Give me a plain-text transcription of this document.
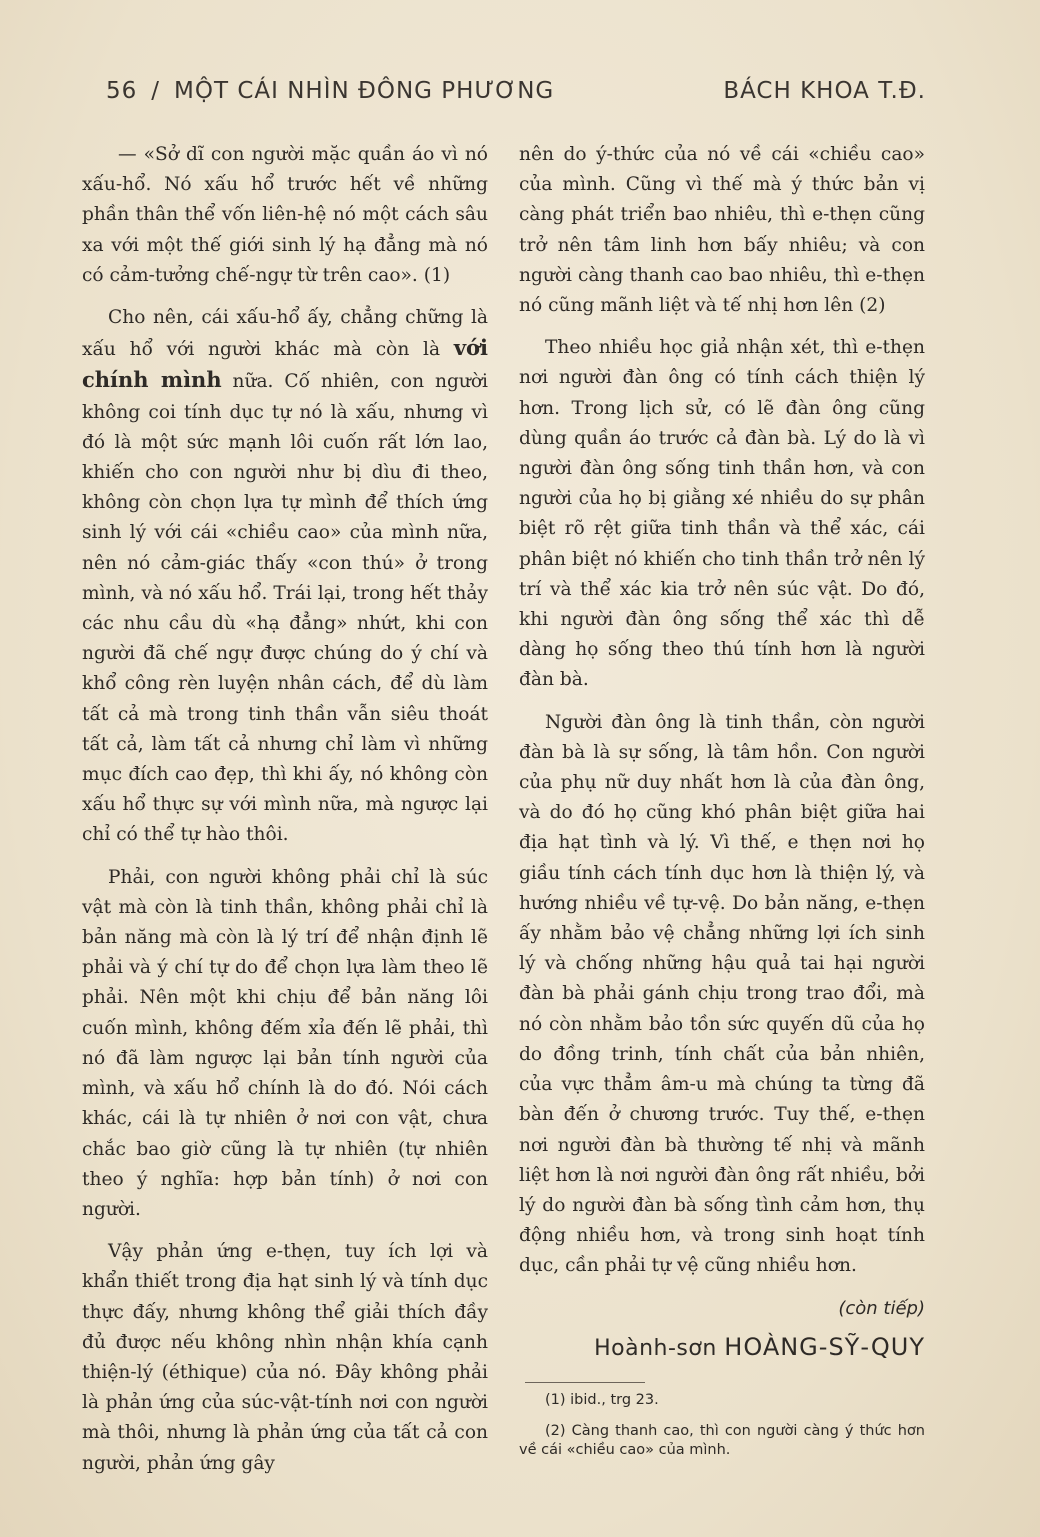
56 / MỘT CÁI NHÌN ĐÔNG PHƯƠNG	BÁCH KHOA T.Đ.

— «Sở dĩ con người mặc quần áo vì nó xấu-hổ. Nó xấu hổ trước hết về những phần thân thể vốn liên-hệ nó một cách sâu xa với một thế giới sinh lý hạ đẳng mà nó có cảm-tưởng chế-ngự từ trên cao». (1)

Cho nên, cái xấu-hổ ấy, chẳng chững là xấu hổ với người khác mà còn là với chính mình nữa. Cố nhiên, con người không coi tính dục tự nó là xấu, nhưng vì đó là một sức mạnh lôi cuốn rất lớn lao, khiến cho con người như bị dìu đi theo, không còn chọn lựa tự mình để thích ứng sinh lý với cái «chiều cao» của mình nữa, nên nó cảm-giác thấy «con thú» ở trong mình, và nó xấu hổ. Trái lại, trong hết thảy các nhu cầu dù «hạ đẳng» nhứt, khi con người đã chế ngự được chúng do ý chí và khổ công rèn luyện nhân cách, để dù làm tất cả mà trong tinh thần vẫn siêu thoát tất cả, làm tất cả nhưng chỉ làm vì những mục đích cao đẹp, thì khi ấy, nó không còn xấu hổ thực sự với mình nữa, mà ngược lại chỉ có thể tự hào thôi.

Phải, con người không phải chỉ là súc vật mà còn là tinh thần, không phải chỉ là bản năng mà còn là lý trí để nhận định lẽ phải và ý chí tự do để chọn lựa làm theo lẽ phải. Nên một khi chịu để bản năng lôi cuốn mình, không đếm xỉa đến lẽ phải, thì nó đã làm ngược lại bản tính người của mình, và xấu hổ chính là do đó. Nói cách khác, cái là tự nhiên ở nơi con vật, chưa chắc bao giờ cũng là tự nhiên (tự nhiên theo ý nghĩa: hợp bản tính) ở nơi con người.

Vậy phản ứng e-thẹn, tuy ích lợi và khẩn thiết trong địa hạt sinh lý và tính dục thực đấy, nhưng không thể giải thích đầy đủ được nếu không nhìn nhận khía cạnh thiện-lý (éthique) của nó. Đây không phải là phản ứng của súc-vật-tính nơi con người mà thôi, nhưng là phản ứng của tất cả con người, phản ứng gây

nên do ý-thức của nó về cái «chiều cao» của mình. Cũng vì thế mà ý thức bản vị càng phát triển bao nhiêu, thì e-thẹn cũng trở nên tâm linh hơn bấy nhiêu; và con người càng thanh cao bao nhiêu, thì e-thẹn nó cũng mãnh liệt và tế nhị hơn lên (2)

Theo nhiều học giả nhận xét, thì e-thẹn nơi người đàn ông có tính cách thiện lý hơn. Trong lịch sử, có lẽ đàn ông cũng dùng quần áo trước cả đàn bà. Lý do là vì người đàn ông sống tinh thần hơn, và con người của họ bị giằng xé nhiều do sự phân biệt rõ rệt giữa tinh thần và thể xác, cái phân biệt nó khiến cho tinh thần trở nên lý trí và thể xác kia trở nên súc vật. Do đó, khi người đàn ông sống thể xác thì dễ dàng họ sống theo thú tính hơn là người đàn bà.

Người đàn ông là tinh thần, còn người đàn bà là sự sống, là tâm hồn. Con người của phụ nữ duy nhất hơn là của đàn ông, và do đó họ cũng khó phân biệt giữa hai địa hạt tình và lý. Vì thế, e thẹn nơi họ giầu tính cách tính dục hơn là thiện lý, và hướng nhiều về tự-vệ. Do bản năng, e-thẹn ấy nhằm bảo vệ chẳng những lợi ích sinh lý và chống những hậu quả tai hại người đàn bà phải gánh chịu trong trao đổi, mà nó còn nhằm bảo tồn sức quyến dũ của họ do đồng trinh, tính chất của bản nhiên, của vực thẳm âm-u mà chúng ta từng đã bàn đến ở chương trước. Tuy thế, e-thẹn nơi người đàn bà thường tế nhị và mãnh liệt hơn là nơi người đàn ông rất nhiều, bởi lý do người đàn bà sống tình cảm hơn, thụ động nhiều hơn, và trong sinh hoạt tính dục, cần phải tự vệ cũng nhiều hơn.

(còn tiếp)
Hoành-sơn HOÀNG-SỸ-QUY

(1) ibid., trg 23.

(2) Càng thanh cao, thì con người càng ý thức hơn về cái «chiều cao» của mình.
